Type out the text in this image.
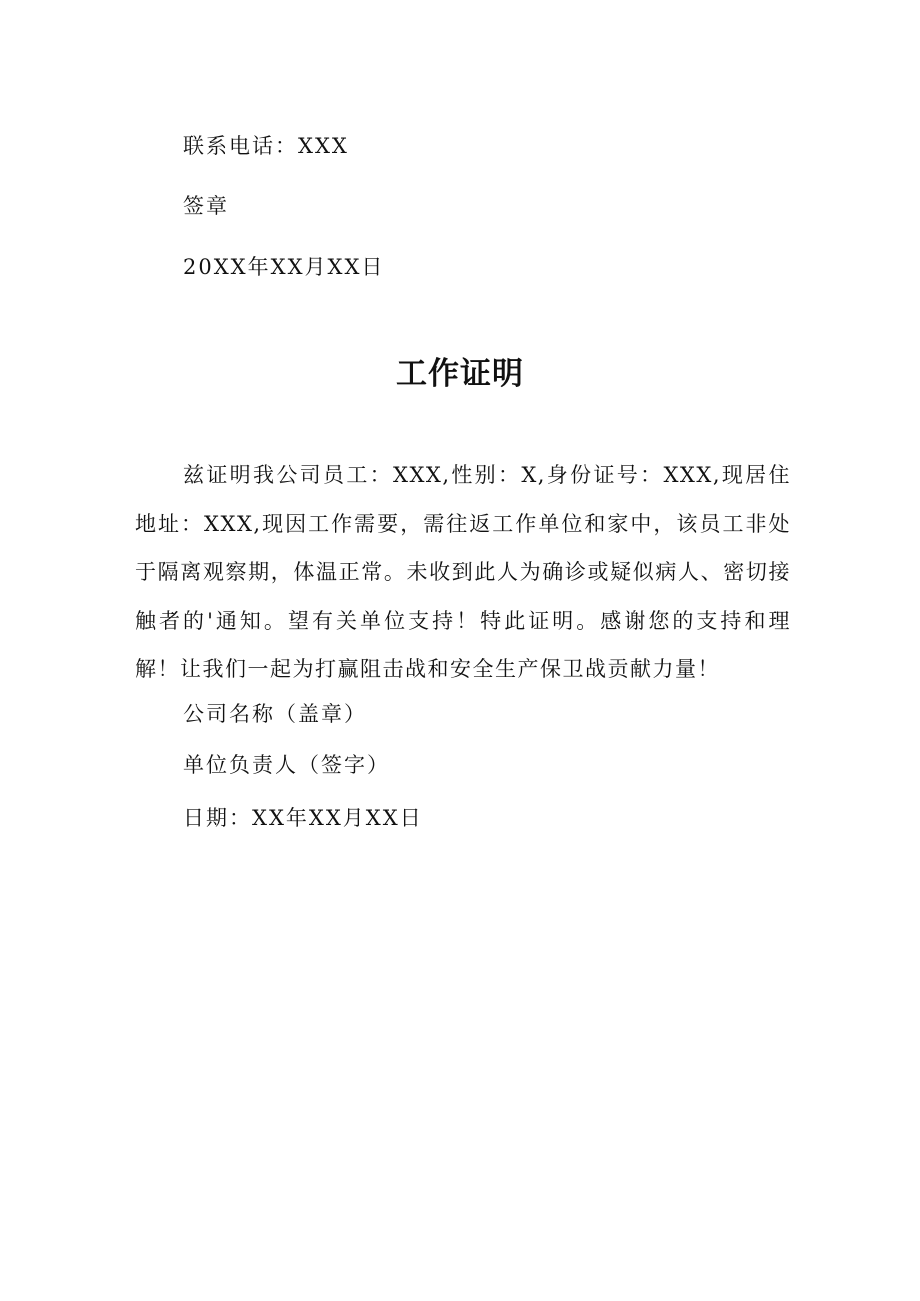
联系电话：XXX
签章
20XX年XX月XX日
工作证明
兹证明我公司员工：XXX,性别：X,身份证号：XXX,现居住地址：XXX,现因工作需要，需往返工作单位和家中，该员工非处于隔离观察期，体温正常。未收到此人为确诊或疑似病人、密切接触者的'通知。望有关单位支持！特此证明。感谢您的支持和理解！让我们一起为打赢阻击战和安全生产保卫战贡献力量！
公司名称（盖章）
单位负责人（签字）
日期：XX年XX月XX日
